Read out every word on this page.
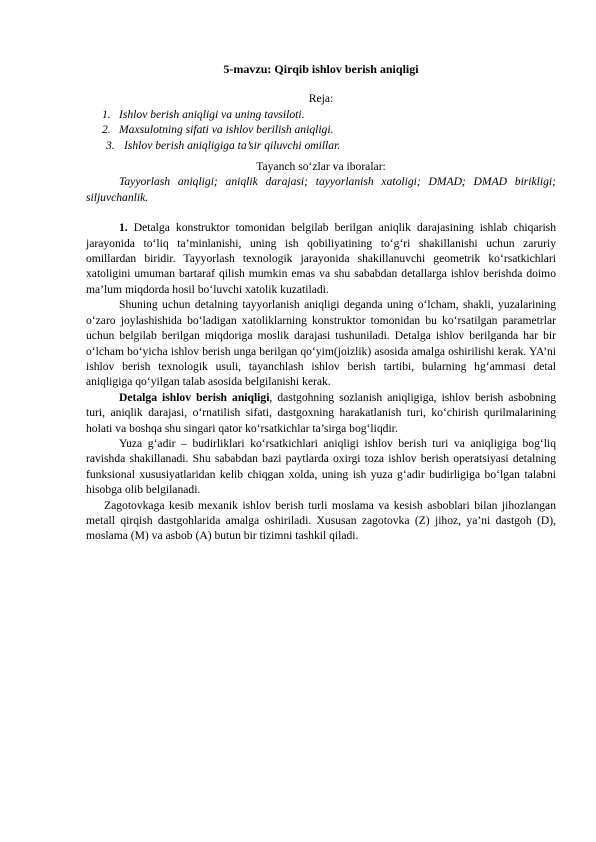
5-mavzu: Qirqib ishlov berish aniqligi
Reja:
1. Ishlov berish aniqligi va uning tavsiloti.
2. Maxsulotning sifati va ishlov berilish aniqligi.
3. Ishlov berish aniqligiga ta’sir qiluvchi omillar.
Tayanch so‘zlar va iboralar:

Tayyorlash aniqligi; aniqlik darajasi; tayyorlanish xatoligi; DMAD; DMAD birikligi; siljuvchanlik.

1. Detalga konstruktor tomonidan belgilab berilgan aniqlik darajasining ishlab chiqarish jarayonida to‘liq ta’minlanishi, uning ish qobiliyatining to‘g‘ri shakillanishi uchun zaruriy omillardan biridir. Tayyorlash texnologik jarayonida shakillanuvchi geometrik ko‘rsatkichlari xatoligini umuman bartaraf qilish mumkin emas va shu sababdan detallarga ishlov berishda doimo ma’lum miqdorda hosil bo‘luvchi xatolik kuzatiladi.

Shuning uchun detalning tayyorlanish aniqligi deganda uning o‘lcham, shakli, yuzalarining o‘zaro joylashishida bo‘ladigan xatoliklarning konstruktor tomonidan bu ko‘rsatilgan parametrlar uchun belgilab berilgan miqdoriga moslik darajasi tushuniladi. Detalga ishlov berilganda har bir o‘lcham bo‘yicha ishlov berish unga berilgan qo‘yim(joizlik) asosida amalga oshirilishi kerak. YA’ni ishlov berish texnologik usuli, tayanchlash ishlov berish tartibi, bularning hg‘ammasi detal aniqligiga qo‘yilgan talab asosida belgilanishi kerak.

Detalga ishlov berish aniqligi, dastgohning sozlanish aniqligiga, ishlov berish asbobning turi, aniqlik darajasi, o‘rnatilish sifati, dastgoxning harakatlanish turi, ko‘chirish qurilmalarining holati va boshqa shu singari qator ko‘rsatkichlar ta’sirga bog‘liqdir.

Yuza g‘adir – budirliklari ko‘rsatkichlari aniqligi ishlov berish turi va aniqligiga bog‘liq ravishda shakillanadi. Shu sababdan bazi paytlarda oxirgi toza ishlov berish operatsiyasi detalning funksional xususiyatlaridan kelib chiqgan xolda, uning ish yuza g‘adir budirligiga bo‘lgan talabni hisobga olib belgilanadi.

Zagotovkaga kesib mexanik ishlov berish turli moslama va kesish asboblari bilan jihozlangan metall qirqish dastgohlarida amalga oshiriladi. Xususan zagotovka (Z) jihoz, ya’ni dastgoh (D), moslama (M) va asbob (A) butun bir tizimni tashkil qiladi.
